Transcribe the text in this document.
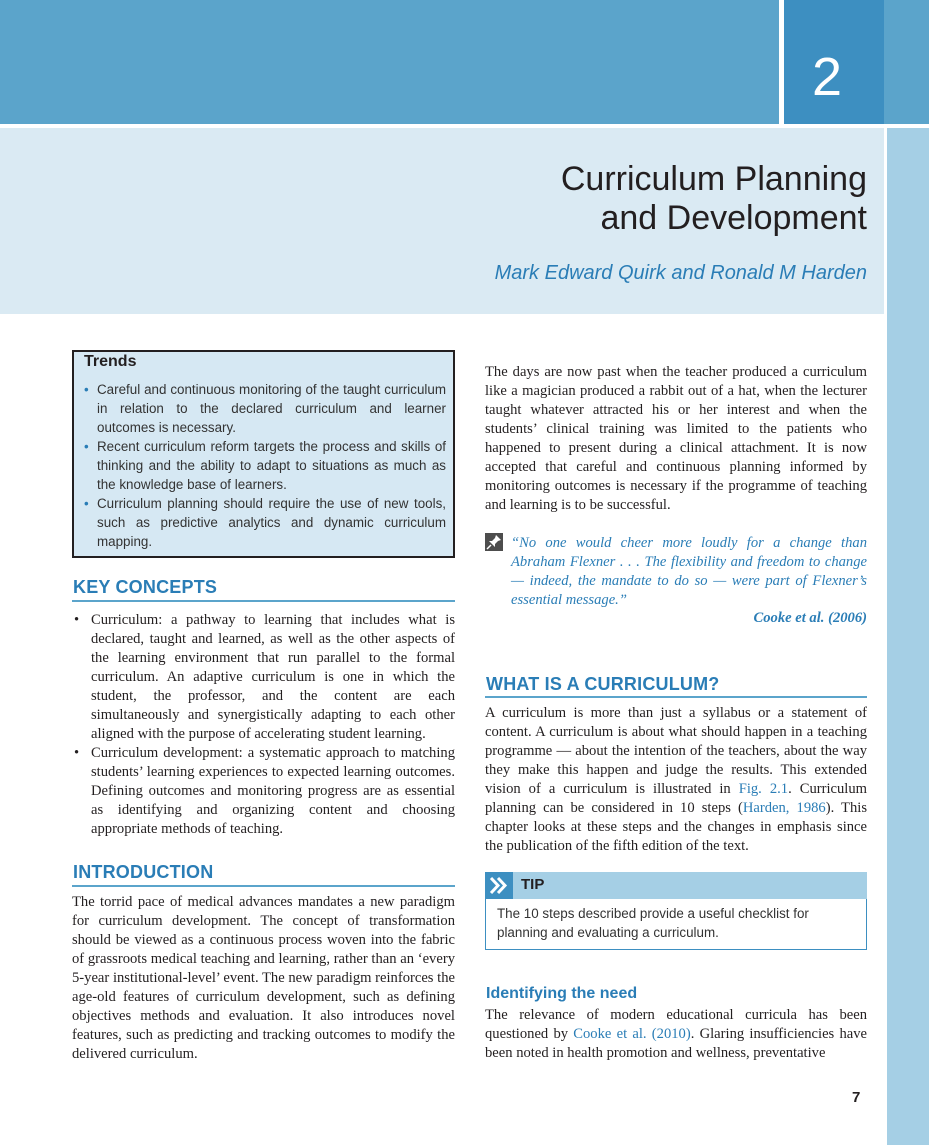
2
Curriculum Planning
and Development
Mark Edward Quirk and Ronald M Harden
Trends
• Careful and continuous monitoring of the taught curriculum in relation to the declared curriculum and learner outcomes is necessary.
• Recent curriculum reform targets the process and skills of thinking and the ability to adapt to situations as much as the knowledge base of learners.
• Curriculum planning should require the use of new tools, such as predictive analytics and dynamic curriculum mapping.
KEY CONCEPTS
• Curriculum: a pathway to learning that includes what is declared, taught and learned, as well as the other aspects of the learning environment that run parallel to the formal curriculum. An adaptive curriculum is one in which the student, the professor, and the content are each simultaneously and synergistically adapting to each other aligned with the purpose of accelerating student learning.
• Curriculum development: a systematic approach to matching students’ learning experiences to expected learning outcomes. Defining outcomes and monitoring progress are as essential as identifying and organizing content and choosing appropriate methods of teaching.
INTRODUCTION
The torrid pace of medical advances mandates a new paradigm for curriculum development. The concept of transformation should be viewed as a continuous process woven into the fabric of grassroots medical teaching and learning, rather than an ‘every 5-year institutional-level’ event. The new paradigm reinforces the age-old features of curriculum development, such as defining objectives methods and evaluation. It also introduces novel features, such as predicting and tracking outcomes to modify the delivered curriculum.
The days are now past when the teacher produced a curriculum like a magician produced a rabbit out of a hat, when the lecturer taught whatever attracted his or her interest and when the students’ clinical training was limited to the patients who happened to present during a clinical attachment. It is now accepted that careful and continuous planning informed by monitoring outcomes is necessary if the programme of teaching and learning is to be successful.
“No one would cheer more loudly for a change than Abraham Flexner . . . The flexibility and freedom to change — indeed, the mandate to do so — were part of Flexner’s essential message.”
Cooke et al. (2006)
WHAT IS A CURRICULUM?
A curriculum is more than just a syllabus or a statement of content. A curriculum is about what should happen in a teaching programme — about the intention of the teachers, about the way they make this happen and judge the results. This extended vision of a curriculum is illustrated in Fig. 2.1. Curriculum planning can be considered in 10 steps (Harden, 1986). This chapter looks at these steps and the changes in emphasis since the publication of the fifth edition of the text.
TIP
The 10 steps described provide a useful checklist for planning and evaluating a curriculum.
Identifying the need
The relevance of modern educational curricula has been questioned by Cooke et al. (2010). Glaring insufficiencies have been noted in health promotion and wellness, preventative
7
